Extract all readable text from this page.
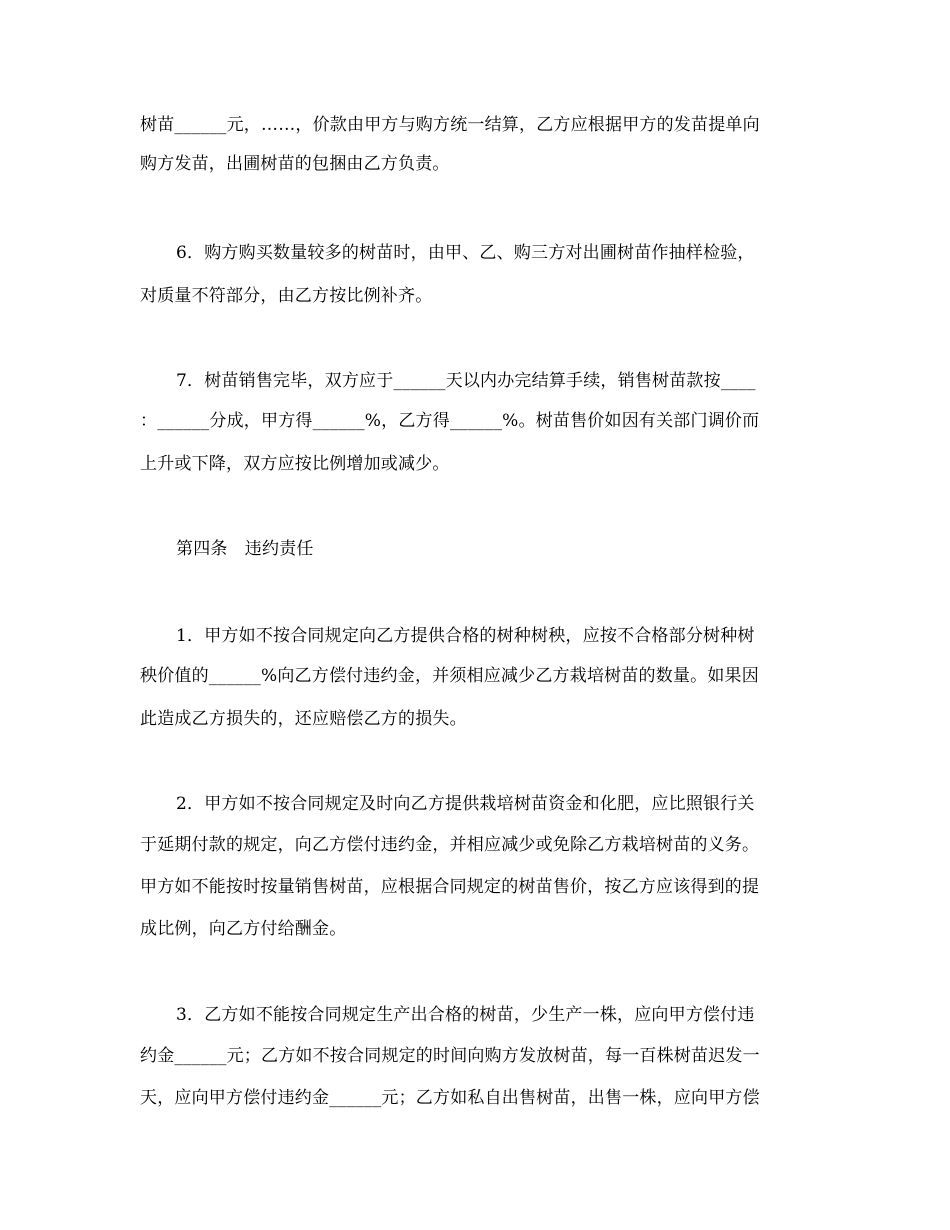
树苗______元，……，价款由甲方与购方统一结算，乙方应根据甲方的发苗提单向
购方发苗，出圃树苗的包捆由乙方负责。
6．购方购买数量较多的树苗时，由甲、乙、购三方对出圃树苗作抽样检验，
对质量不符部分，由乙方按比例补齐。
7．树苗销售完毕，双方应于______天以内办完结算手续，销售树苗款按____
：______分成，甲方得______%，乙方得______%。树苗售价如因有关部门调价而
上升或下降，双方应按比例增加或减少。
第四条　违约责任
1．甲方如不按合同规定向乙方提供合格的树种树秧，应按不合格部分树种树
秧价值的______%向乙方偿付违约金，并须相应减少乙方栽培树苗的数量。如果因
此造成乙方损失的，还应赔偿乙方的损失。
2．甲方如不按合同规定及时向乙方提供栽培树苗资金和化肥，应比照银行关
于延期付款的规定，向乙方偿付违约金，并相应减少或免除乙方栽培树苗的义务。
甲方如不能按时按量销售树苗，应根据合同规定的树苗售价，按乙方应该得到的提
成比例，向乙方付给酬金。
3．乙方如不能按合同规定生产出合格的树苗，少生产一株，应向甲方偿付违
约金______元；乙方如不按合同规定的时间向购方发放树苗，每一百株树苗迟发一
天，应向甲方偿付违约金______元；乙方如私自出售树苗，出售一株，应向甲方偿
